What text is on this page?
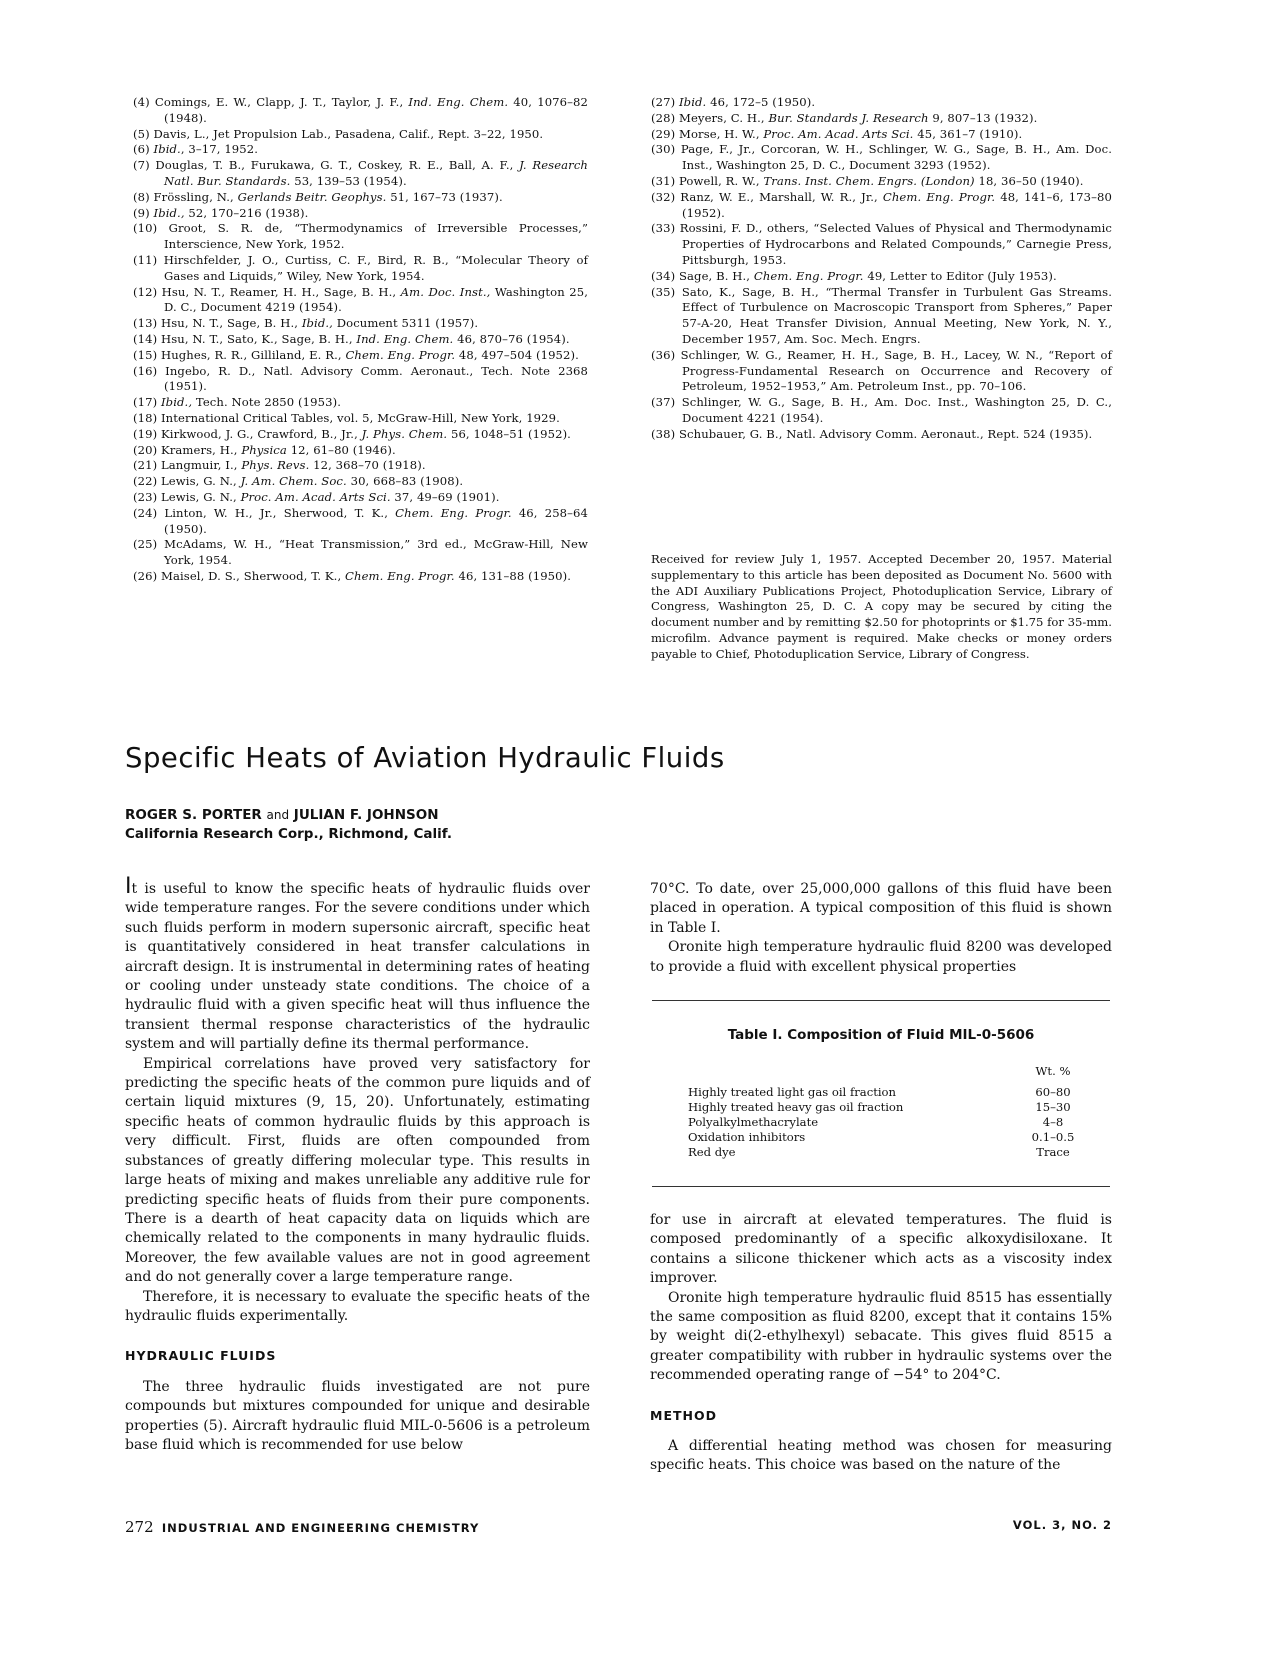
(4) Comings, E. W., Clapp, J. T., Taylor, J. F., Ind. Eng. Chem. 40, 1076–82 (1948).
(5) Davis, L., Jet Propulsion Lab., Pasadena, Calif., Rept. 3–22, 1950.
(6) Ibid., 3–17, 1952.
(7) Douglas, T. B., Furukawa, G. T., Coskey, R. E., Ball, A. F., J. Research Natl. Bur. Standards. 53, 139–53 (1954).
(8) Frössling, N., Gerlands Beitr. Geophys. 51, 167–73 (1937).
(9) Ibid., 52, 170–216 (1938).
(10) Groot, S. R. de, “Thermodynamics of Irreversible Processes,” Interscience, New York, 1952.
(11) Hirschfelder, J. O., Curtiss, C. F., Bird, R. B., “Molecular Theory of Gases and Liquids,” Wiley, New York, 1954.
(12) Hsu, N. T., Reamer, H. H., Sage, B. H., Am. Doc. Inst., Washington 25, D. C., Document 4219 (1954).
(13) Hsu, N. T., Sage, B. H., Ibid., Document 5311 (1957).
(14) Hsu, N. T., Sato, K., Sage, B. H., Ind. Eng. Chem. 46, 870–76 (1954).
(15) Hughes, R. R., Gilliland, E. R., Chem. Eng. Progr. 48, 497–504 (1952).
(16) Ingebo, R. D., Natl. Advisory Comm. Aeronaut., Tech. Note 2368 (1951).
(17) Ibid., Tech. Note 2850 (1953).
(18) International Critical Tables, vol. 5, McGraw-Hill, New York, 1929.
(19) Kirkwood, J. G., Crawford, B., Jr., J. Phys. Chem. 56, 1048–51 (1952).
(20) Kramers, H., Physica 12, 61–80 (1946).
(21) Langmuir, I., Phys. Revs. 12, 368–70 (1918).
(22) Lewis, G. N., J. Am. Chem. Soc. 30, 668–83 (1908).
(23) Lewis, G. N., Proc. Am. Acad. Arts Sci. 37, 49–69 (1901).
(24) Linton, W. H., Jr., Sherwood, T. K., Chem. Eng. Progr. 46, 258–64 (1950).
(25) McAdams, W. H., “Heat Transmission,” 3rd ed., McGraw-Hill, New York, 1954.
(26) Maisel, D. S., Sherwood, T. K., Chem. Eng. Progr. 46, 131–88 (1950).
(27) Ibid. 46, 172–5 (1950).
(28) Meyers, C. H., Bur. Standards J. Research 9, 807–13 (1932).
(29) Morse, H. W., Proc. Am. Acad. Arts Sci. 45, 361–7 (1910).
(30) Page, F., Jr., Corcoran, W. H., Schlinger, W. G., Sage, B. H., Am. Doc. Inst., Washington 25, D. C., Document 3293 (1952).
(31) Powell, R. W., Trans. Inst. Chem. Engrs. (London) 18, 36–50 (1940).
(32) Ranz, W. E., Marshall, W. R., Jr., Chem. Eng. Progr. 48, 141–6, 173–80 (1952).
(33) Rossini, F. D., others, “Selected Values of Physical and Thermodynamic Properties of Hydrocarbons and Related Compounds,” Carnegie Press, Pittsburgh, 1953.
(34) Sage, B. H., Chem. Eng. Progr. 49, Letter to Editor (July 1953).
(35) Sato, K., Sage, B. H., “Thermal Transfer in Turbulent Gas Streams. Effect of Turbulence on Macroscopic Transport from Spheres,” Paper 57-A-20, Heat Transfer Division, Annual Meeting, New York, N. Y., December 1957, Am. Soc. Mech. Engrs.
(36) Schlinger, W. G., Reamer, H. H., Sage, B. H., Lacey, W. N., “Report of Progress-Fundamental Research on Occurrence and Recovery of Petroleum, 1952–1953,” Am. Petroleum Inst., pp. 70–106.
(37) Schlinger, W. G., Sage, B. H., Am. Doc. Inst., Washington 25, D. C., Document 4221 (1954).
(38) Schubauer, G. B., Natl. Advisory Comm. Aeronaut., Rept. 524 (1935).
Received for review July 1, 1957. Accepted December 20, 1957. Material supplementary to this article has been deposited as Document No. 5600 with the ADI Auxiliary Publications Project, Photoduplication Service, Library of Congress, Washington 25, D. C. A copy may be secured by citing the document number and by remitting $2.50 for photoprints or $1.75 for 35-mm. microfilm. Advance payment is required. Make checks or money orders payable to Chief, Photoduplication Service, Library of Congress.
Specific Heats of Aviation Hydraulic Fluids
ROGER S. PORTER and JULIAN F. JOHNSON
California Research Corp., Richmond, Calif.

It is useful to know the specific heats of hydraulic fluids over wide temperature ranges. For the severe conditions under which such fluids perform in modern supersonic aircraft, specific heat is quantitatively considered in heat transfer calculations in aircraft design. It is instrumental in determining rates of heating or cooling under unsteady state conditions. The choice of a hydraulic fluid with a given specific heat will thus influence the transient thermal response characteristics of the hydraulic system and will partially define its thermal performance.

Empirical correlations have proved very satisfactory for predicting the specific heats of the common pure liquids and of certain liquid mixtures (9, 15, 20). Unfortunately, estimating specific heats of common hydraulic fluids by this approach is very difficult. First, fluids are often compounded from substances of greatly differing molecular type. This results in large heats of mixing and makes unreliable any additive rule for predicting specific heats of fluids from their pure components. There is a dearth of heat capacity data on liquids which are chemically related to the components in many hydraulic fluids. Moreover, the few available values are not in good agreement and do not generally cover a large temperature range.

Therefore, it is necessary to evaluate the specific heats of the hydraulic fluids experimentally.

HYDRAULIC FLUIDS

The three hydraulic fluids investigated are not pure compounds but mixtures compounded for unique and desirable properties (5). Aircraft hydraulic fluid MIL-0-5606 is a petroleum base fluid which is recommended for use below

70°C. To date, over 25,000,000 gallons of this fluid have been placed in operation. A typical composition of this fluid is shown in Table I.

Oronite high temperature hydraulic fluid 8200 was developed to provide a fluid with excellent physical properties

Table I. Composition of Fluid MIL-0-5606
	Wt. %

Highly treated light gas oil fraction	60–80
Highly treated heavy gas oil fraction	15–30
Polyalkylmethacrylate	4–8
Oxidation inhibitors	0.1–0.5
Red dye	Trace

for use in aircraft at elevated temperatures. The fluid is composed predominantly of a specific alkoxydisiloxane. It contains a silicone thickener which acts as a viscosity index improver.

Oronite high temperature hydraulic fluid 8515 has essentially the same composition as fluid 8200, except that it contains 15% by weight di(2-ethylhexyl) sebacate. This gives fluid 8515 a greater compatibility with rubber in hydraulic systems over the recommended operating range of −54° to 204°C.

METHOD

A differential heating method was chosen for measuring specific heats. This choice was based on the nature of the

272 INDUSTRIAL AND ENGINEERING CHEMISTRY	VOL. 3, NO. 2
